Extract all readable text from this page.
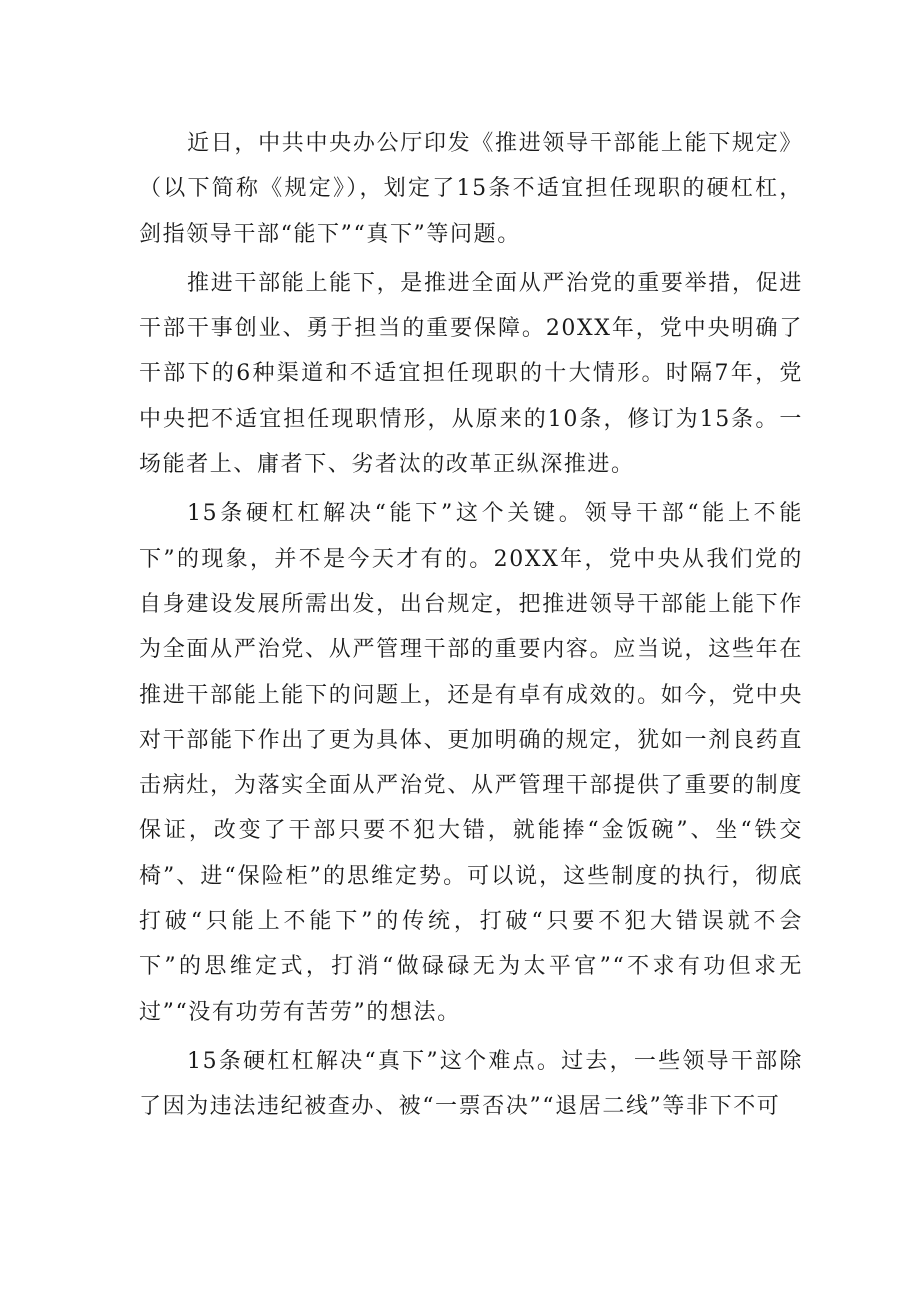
近日，中共中央办公厅印发《推进领导干部能上能下规定》（以下简称《规定》），划定了15条不适宜担任现职的硬杠杠，剑指领导干部“能下”“真下”等问题。

推进干部能上能下，是推进全面从严治党的重要举措，促进干部干事创业、勇于担当的重要保障。20XX年，党中央明确了干部下的6种渠道和不适宜担任现职的十大情形。时隔7年，党中央把不适宜担任现职情形，从原来的10条，修订为15条。一场能者上、庸者下、劣者汰的改革正纵深推进。

15条硬杠杠解决“能下”这个关键。领导干部“能上不能下”的现象，并不是今天才有的。20XX年，党中央从我们党的自身建设发展所需出发，出台规定，把推进领导干部能上能下作为全面从严治党、从严管理干部的重要内容。应当说，这些年在推进干部能上能下的问题上，还是有卓有成效的。如今，党中央对干部能下作出了更为具体、更加明确的规定，犹如一剂良药直击病灶，为落实全面从严治党、从严管理干部提供了重要的制度保证，改变了干部只要不犯大错，就能捧“金饭碗”、坐“铁交椅”、进“保险柜”的思维定势。可以说，这些制度的执行，彻底打破“只能上不能下”的传统，打破“只要不犯大错误就不会下”的思维定式，打消“做碌碌无为太平官”“不求有功但求无过”“没有功劳有苦劳”的想法。

15条硬杠杠解决“真下”这个难点。过去，一些领导干部除了因为违法违纪被查办、被“一票否决”“退居二线”等非下不可
